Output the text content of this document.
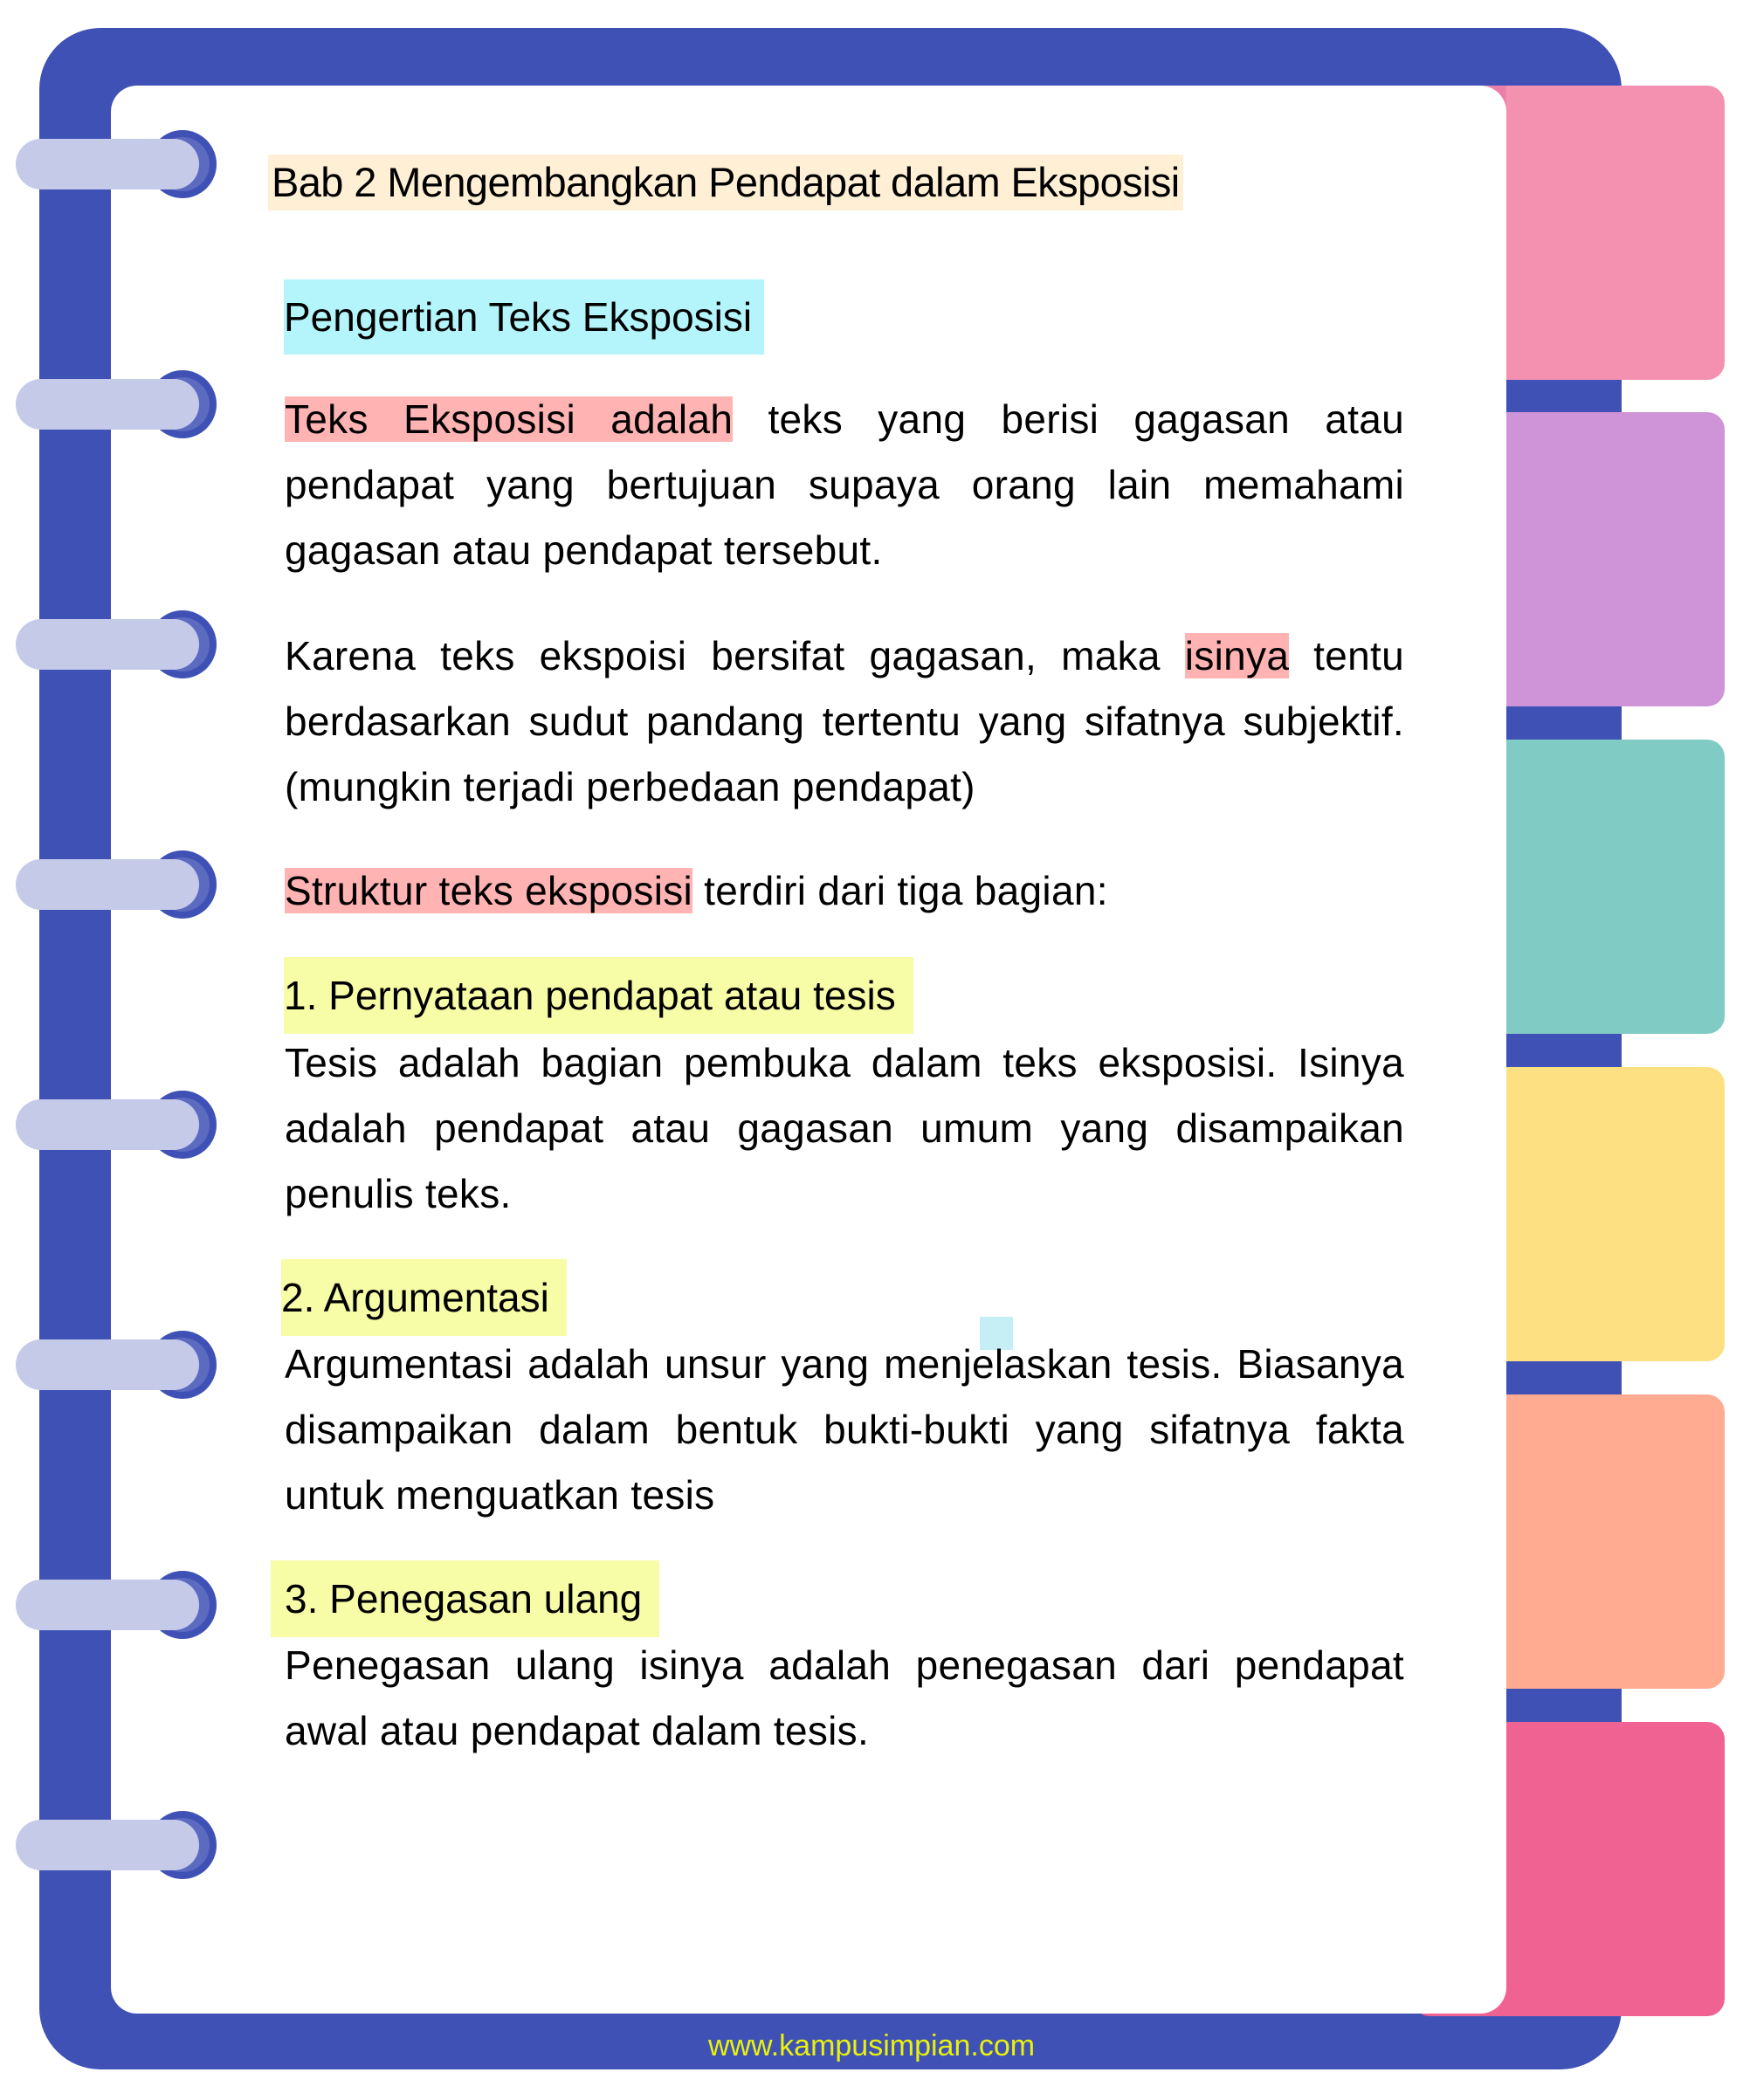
Bab 2 Mengembangkan Pendapat dalam Eksposisi
Pengertian Teks Eksposisi

Teks Eksposisi adalah teks yang berisi gagasan atau pendapat yang bertujuan supaya orang lain memahami gagasan atau pendapat tersebut.

Karena teks ekspoisi bersifat gagasan, maka isinya tentu berdasarkan sudut pandang tertentu yang sifatnya subjektif. (mungkin terjadi perbedaan pendapat)

Struktur teks eksposisi terdiri dari tiga bagian:

1. Pernyataan pendapat atau tesis

Tesis adalah bagian pembuka dalam teks eksposisi. Isinya adalah pendapat atau gagasan umum yang disampaikan penulis teks.

2. Argumentasi

Argumentasi adalah unsur yang menjelaskan tesis. Biasanya disampaikan dalam bentuk bukti-bukti yang sifatnya fakta untuk menguatkan tesis

3. Penegasan ulang

Penegasan ulang isinya adalah penegasan dari pendapat awal atau pendapat dalam tesis.

www.kampusimpian.com
